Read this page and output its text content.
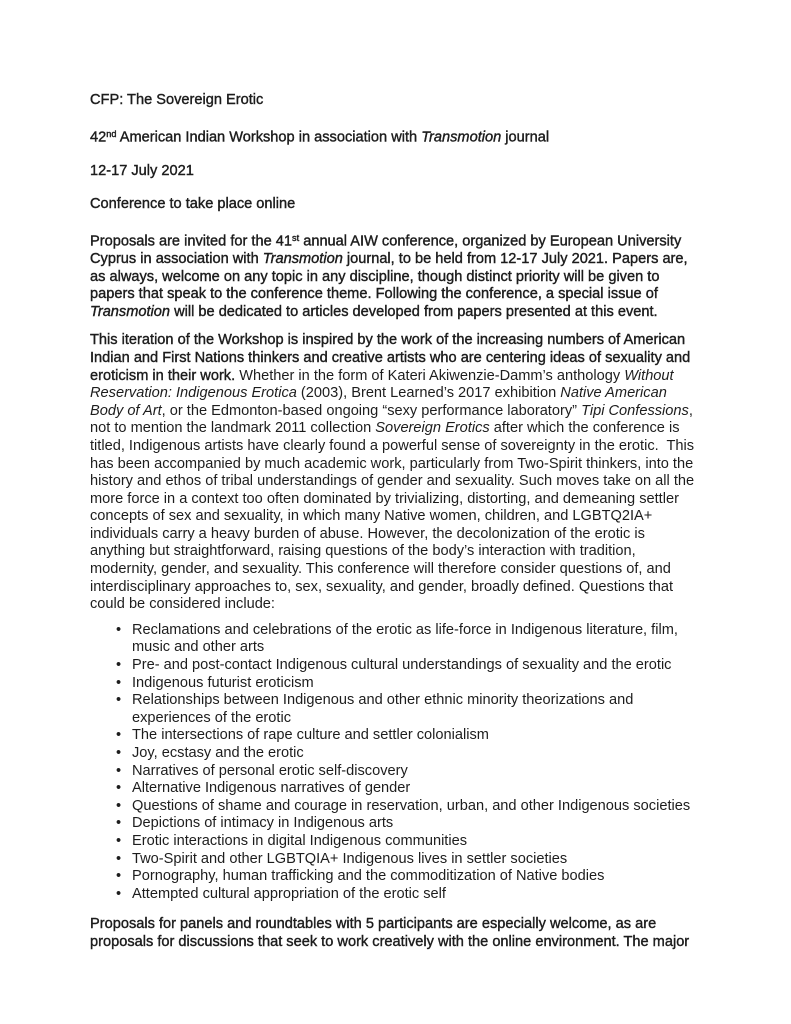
CFP: The Sovereign Erotic

42nd American Indian Workshop in association with Transmotion journal

12-17 July 2021

Conference to take place online

Proposals are invited for the 41st annual AIW conference, organized by European University Cyprus in association with Transmotion journal, to be held from 12-17 July 2021. Papers are, as always, welcome on any topic in any discipline, though distinct priority will be given to papers that speak to the conference theme. Following the conference, a special issue of Transmotion will be dedicated to articles developed from papers presented at this event.

This iteration of the Workshop is inspired by the work of the increasing numbers of American Indian and First Nations thinkers and creative artists who are centering ideas of sexuality and eroticism in their work. Whether in the form of Kateri Akiwenzie-Damm’s anthology Without Reservation: Indigenous Erotica (2003), Brent Learned’s 2017 exhibition Native American Body of Art, or the Edmonton-based ongoing “sexy performance laboratory” Tipi Confessions, not to mention the landmark 2011 collection Sovereign Erotics after which the conference is titled, Indigenous artists have clearly found a powerful sense of sovereignty in the erotic.  This has been accompanied by much academic work, particularly from Two-Spirit thinkers, into the history and ethos of tribal understandings of gender and sexuality. Such moves take on all the more force in a context too often dominated by trivializing, distorting, and demeaning settler concepts of sex and sexuality, in which many Native women, children, and LGBTQ2IA+ individuals carry a heavy burden of abuse. However, the decolonization of the erotic is anything but straightforward, raising questions of the body’s interaction with tradition, modernity, gender, and sexuality. This conference will therefore consider questions of, and interdisciplinary approaches to, sex, sexuality, and gender, broadly defined. Questions that could be considered include:

• Reclamations and celebrations of the erotic as life-force in Indigenous literature, film, music and other arts
• Pre- and post-contact Indigenous cultural understandings of sexuality and the erotic
• Indigenous futurist eroticism
• Relationships between Indigenous and other ethnic minority theorizations and experiences of the erotic
• The intersections of rape culture and settler colonialism
• Joy, ecstasy and the erotic
• Narratives of personal erotic self-discovery
• Alternative Indigenous narratives of gender
• Questions of shame and courage in reservation, urban, and other Indigenous societies
• Depictions of intimacy in Indigenous arts
• Erotic interactions in digital Indigenous communities
• Two-Spirit and other LGBTQIA+ Indigenous lives in settler societies
• Pornography, human trafficking and the commoditization of Native bodies
• Attempted cultural appropriation of the erotic self

Proposals for panels and roundtables with 5 participants are especially welcome, as are proposals for discussions that seek to work creatively with the online environment. The major
